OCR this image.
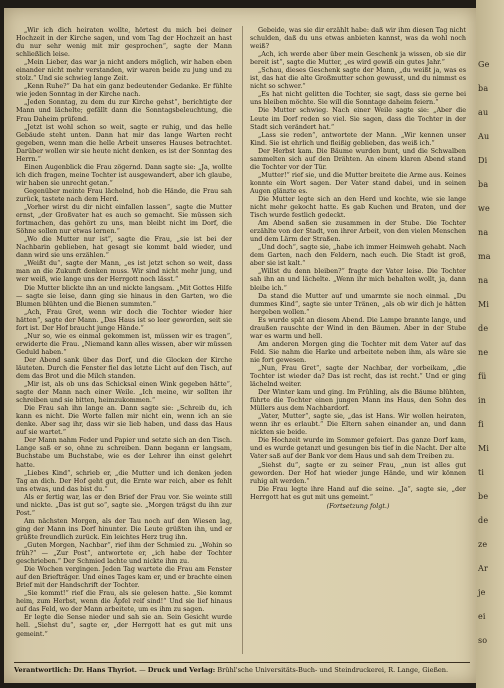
„Wir ich dich heiraten wollte, hörtest du mich bei deiner Hochzeit in der Kirche sagen, und vom Tag der Hochzeit an hast du nur sehr wenig mit mir gesprochen“, sagte der Mann schließlich leise.

„Mein Lieber, das war ja nicht anders möglich, wir haben eben einander nicht mehr verstanden, wir waren beide zu jung und zu stolz.“ Und sie schwieg lange Zeit.

„Kenn Ruhe?“ Da hat ein ganz bedeutender Gedanke. Er fühlte wie jeden Sonntag in der Kirche nach.

„Jeden Sonntag, zu dem du zur Kirche gehst“, berichtigte der Mann und lächelte; gefällt dann die Sonntagsbeleuchtung, die Frau Daheim prüfend.

„Jetzt ist wohl schon so weit, sagte er ruhig, und das helle Gebäude steht unten. Dann hat mir das lange Warten recht gegeben, wenn man die helle Arbeit unseres Hauses betrachtet. Darüber wollen wir sie heute nicht denken, es ist der Sonntag des Herrn.“

Einen Augenblick die Frau zögernd. Dann sagte sie: „Ja, wollte ich dich fragen, meine Tochter ist ausgewandert, aber ich glaube, wir haben sie unrecht getan.“

Gegenüber meinte Frau lächelnd, hob die Hände, die Frau sah zurück, tastete nach dem Herd.

„Vorher wirst du dir nicht einfallen lassen“, sagte die Mutter ernst, „der Großvater hat es auch so gemacht. Sie müssen sich fortmachen, das gehört zu uns, man bleibt nicht im Dorf, die Söhne sollen nur etwas lernen.“

„Wo die Mutter nur ist“, sagte die Frau, „sie ist bei der Nachbarin geblieben, hat gesagt sie kommt bald wieder, und dann wird sie uns erzählen.“

„Weißt du“, sagte der Mann, „es ist jetzt schon so weit, dass man an die Zukunft denken muss. Wir sind nicht mehr jung, und wer weiß, wie lange uns der Herrgott noch lässt.“

Die Mutter blickte ihn an und nickte langsam. „Mit Gottes Hilfe — sagte sie leise, dann ging sie hinaus in den Garten, wo die Blumen blühten und die Bienen summten.“

„Ach, Frau Gret, wenn wir doch die Tochter wieder hier hätten“, sagte der Mann. „Das Haus ist so leer geworden, seit sie fort ist. Der Hof braucht junge Hände.“

„Nur so, wie es einmal gekommen ist, müssen wir es tragen“, erwiderte die Frau. „Niemand kann alles wissen, aber wir müssen Geduld haben.“

Der Abend sank über das Dorf, und die Glocken der Kirche läuteten. Durch die Fenster fiel das letzte Licht auf den Tisch, auf dem das Brot und die Milch standen.

„Mir ist, als ob uns das Schicksal einen Wink gegeben hätte“, sagte der Mann nach einer Weile. „Ich meine, wir sollten ihr schreiben und sie bitten, heimzukommen.“

Die Frau sah ihn lange an. Dann sagte sie: „Schreib du, ich kann es nicht. Die Worte fallen mir nicht ein, wenn ich an sie denke. Aber sag ihr, dass wir sie lieb haben, und dass das Haus auf sie wartet.“

Der Mann nahm Feder und Papier und setzte sich an den Tisch. Lange saß er so, ohne zu schreiben. Dann begann er langsam, Buchstabe um Buchstabe, wie es der Lehrer ihn einst gelehrt hatte.

„Liebes Kind“, schrieb er, „die Mutter und ich denken jeden Tag an dich. Der Hof geht gut, die Ernte war reich, aber es fehlt uns etwas, und das bist du.“

Als er fertig war, las er den Brief der Frau vor. Sie weinte still und nickte. „Das ist gut so“, sagte sie. „Morgen trägst du ihn zur Post.“

Am nächsten Morgen, als der Tau noch auf den Wiesen lag, ging der Mann ins Dorf hinunter. Die Leute grüßten ihn, und er grüßte freundlich zurück. Ein leichtes Herz trug ihn.

„Guten Morgen, Nachbar“, rief ihm der Schmied zu. „Wohin so früh?“ — „Zur Post“, antwortete er, „ich habe der Tochter geschrieben.“ Der Schmied lachte und nickte ihm zu.

Die Wochen vergingen. Jeden Tag wartete die Frau am Fenster auf den Briefträger. Und eines Tages kam er, und er brachte einen Brief mit der Handschrift der Tochter.

„Sie kommt!“ rief die Frau, als sie gelesen hatte. „Sie kommt heim, zum Herbst, wenn die Äpfel reif sind!“ Und sie lief hinaus auf das Feld, wo der Mann arbeitete, um es ihm zu sagen.

Er legte die Sense nieder und sah sie an. Sein Gesicht wurde hell. „Siehst du“, sagte er, „der Herrgott hat es gut mit uns gemeint.“

Gebeide, was sie dir erzählt habe: daß wir ihm diesen Tag nicht schulden, daß du uns etwas anbieten kannst, was da wohl noch weiß?

„Ach, ich werde aber über mein Geschenk ja wissen, ob sie dir bereit ist“, sagte die Mutter, „es wird gewiß ein gutes Jahr.“

„Schau, dieses Geschenk sagte der Mann, „du weißt ja, was es ist, das hat die alte Großmutter schon gewusst, und du nimmst es nicht so schwer.“

„Es hat nicht gelitten die Tochter, sie sagt, dass sie gerne bei uns bleiben möchte. Sie will die Sonntage daheim feiern.“

Die Mutter schwieg. Nach einer Weile sagte sie: „Aber die Leute im Dorf reden so viel. Sie sagen, dass die Tochter in der Stadt sich verändert hat.“

„Lass sie reden“, antwortete der Mann. „Wir kennen unser Kind. Sie ist ehrlich und fleißig geblieben, das weiß ich.“

Der Herbst kam. Die Bäume wurden bunt, und die Schwalben sammelten sich auf den Drähten. An einem klaren Abend stand die Tochter vor der Tür.

„Mutter!“ rief sie, und die Mutter breitete die Arme aus. Keines konnte ein Wort sagen. Der Vater stand dabei, und in seinen Augen glänzte es.

Die Mutter legte sich an den Herd und kochte, wie sie lange nicht mehr gekocht hatte. Es gab Kuchen und Braten, und der Tisch wurde festlich gedeckt.

Am Abend saßen sie zusammen in der Stube. Die Tochter erzählte von der Stadt, von ihrer Arbeit, von den vielen Menschen und dem Lärm der Straßen.

„Und doch“, sagte sie, „habe ich immer Heimweh gehabt. Nach dem Garten, nach den Feldern, nach euch. Die Stadt ist groß, aber sie ist kalt.“

„Willst du denn bleiben?“ fragte der Vater leise. Die Tochter sah ihn an und lächelte. „Wenn ihr mich behalten wollt, ja, dann bleibe ich.“

Da stand die Mutter auf und umarmte sie noch einmal. „Du dummes Kind“, sagte sie unter Tränen, „als ob wir dich je hätten hergeben wollen.“

Es wurde spät an diesem Abend. Die Lampe brannte lange, und draußen rauschte der Wind in den Bäumen. Aber in der Stube war es warm und hell.

Am anderen Morgen ging die Tochter mit dem Vater auf das Feld. Sie nahm die Harke und arbeitete neben ihm, als wäre sie nie fort gewesen.

„Nun, Frau Gret“, sagte der Nachbar, der vorbeikam, „die Tochter ist wieder da? Das ist recht, das ist recht.“ Und er ging lächelnd weiter.

Der Winter kam und ging. Im Frühling, als die Bäume blühten, führte die Tochter einen jungen Mann ins Haus, den Sohn des Müllers aus dem Nachbardorf.

„Vater, Mutter“, sagte sie, „das ist Hans. Wir wollen heiraten, wenn ihr es erlaubt.“ Die Eltern sahen einander an, und dann nickten sie beide.

Die Hochzeit wurde im Sommer gefeiert. Das ganze Dorf kam, und es wurde getanzt und gesungen bis tief in die Nacht. Der alte Vater saß auf der Bank vor dem Haus und sah dem Treiben zu.

„Siehst du“, sagte er zu seiner Frau, „nun ist alles gut geworden. Der Hof hat wieder junge Hände, und wir können ruhig alt werden.“

Die Frau legte ihre Hand auf die seine. „Ja“, sagte sie, „der Herrgott hat es gut mit uns gemeint.“

(Fortsetzung folgt.)

Verantwortlich: Dr. Hans Thyriot. — Druck und Verlag: Brühl'sche Universitäts-Buch- und Steindruckerei, R. Lange, Gießen.
Ge
ba
au
Au
Di
ba
we
na
ma
na
Mi
de
ne
fü
in
fi
Mi
ti
be
de
ze
Ar
je
ei
so
